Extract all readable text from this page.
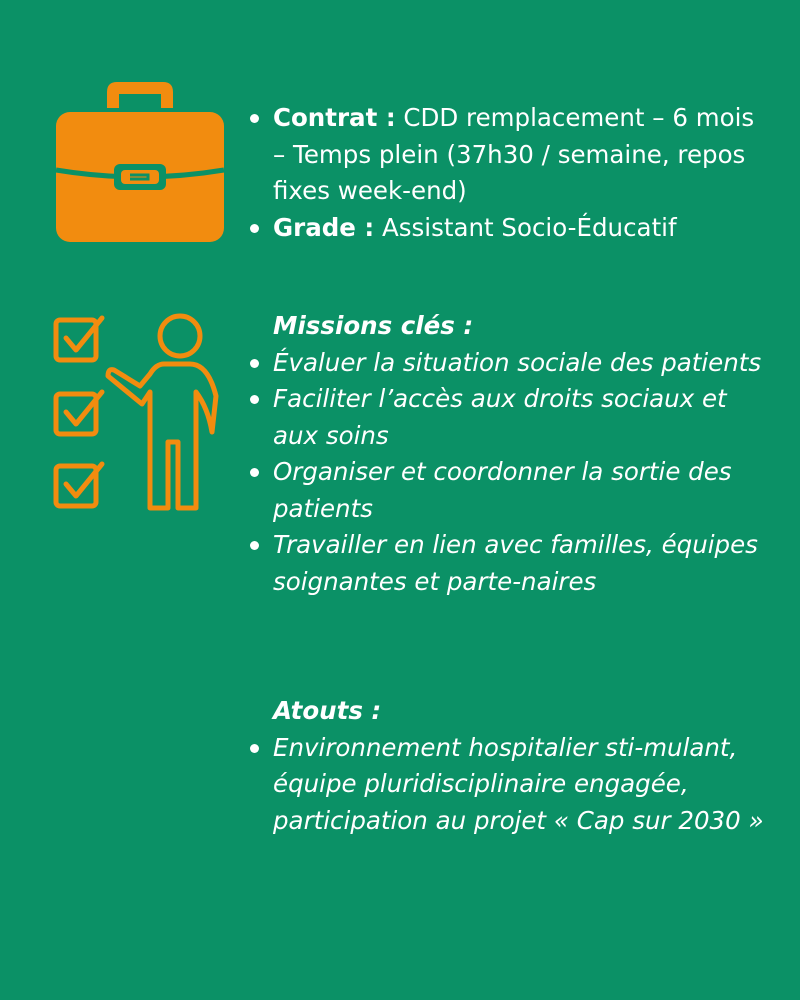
Contrat : CDD remplacement – 6 mois – Temps plein (37h30 / semaine, repos fixes week-end)
Grade : Assistant Socio-Éducatif

Missions clés :

Évaluer la situation sociale des patients
Faciliter l’accès aux droits sociaux et aux soins
Organiser et coordonner la sortie des patients
Travailler en lien avec familles, équipes soignantes et parte-naires

Atouts :

Environnement hospitalier sti-mulant, équipe pluridisciplinaire engagée, participation au projet « Cap sur 2030 »
